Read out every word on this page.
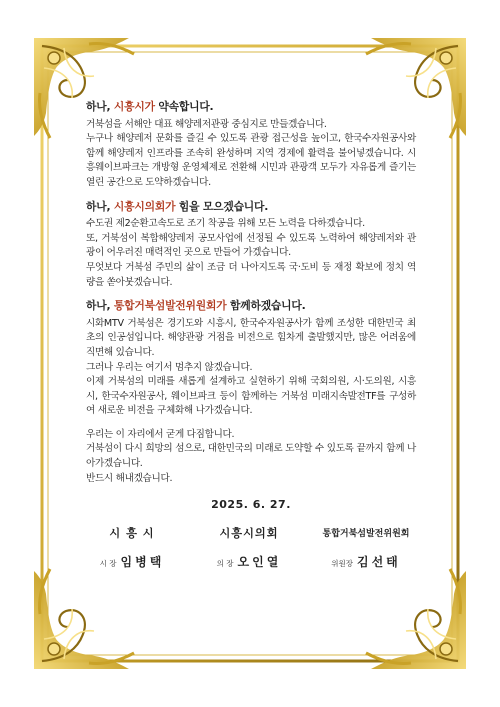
하나, 시흥시가 약속합니다.

거북섬을 서해안 대표 해양레저관광 중심지로 만들겠습니다.

누구나 해양레저 문화를 즐길 수 있도록 관광 접근성을 높이고, 한국수자원공사와 함께 해양레저 인프라를 조속히 완성하며 지역 경제에 활력을 불어넣겠습니다. 시흥웨이브파크는 개방형 운영체제로 전환해 시민과 관광객 모두가 자유롭게 즐기는 열린 공간으로 도약하겠습니다.

하나, 시흥시의회가 힘을 모으겠습니다.

수도권 제2순환고속도로 조기 착공을 위해 모든 노력을 다하겠습니다.

또, 거북섬이 복합해양레저 공모사업에 선정될 수 있도록 노력하여 해양레저와 관광이 어우러진 매력적인 곳으로 만들어 가겠습니다.

무엇보다 거북섬 주민의 삶이 조금 더 나아지도록 국·도비 등 재정 확보에 정치 역량을 쏟아붓겠습니다.

하나, 통합거북섬발전위원회가 함께하겠습니다.

시화MTV 거북섬은 경기도와 시흥시, 한국수자원공사가 함께 조성한 대한민국 최초의 인공섬입니다. 해양관광 거점을 비전으로 힘차게 출발했지만, 많은 어려움에 직면해 있습니다.

그러나 우리는 여기서 멈추지 않겠습니다.

이제 거북섬의 미래를 새롭게 설계하고 실현하기 위해 국회의원, 시·도의원, 시흥시, 한국수자원공사, 웨이브파크 등이 함께하는 거북섬 미래지속발전TF를 구성하여 새로운 비전을 구체화해 나가겠습니다.

우리는 이 자리에서 굳게 다짐합니다.

거북섬이 다시 희망의 섬으로, 대한민국의 미래로 도약할 수 있도록 끝까지 함께 나아가겠습니다.

반드시 해내겠습니다.

2025. 6. 27.
시 흥 시
시 장 임병택
시흥시의회
의 장 오인열
통합거북섬발전위원회
위원장 김선태
